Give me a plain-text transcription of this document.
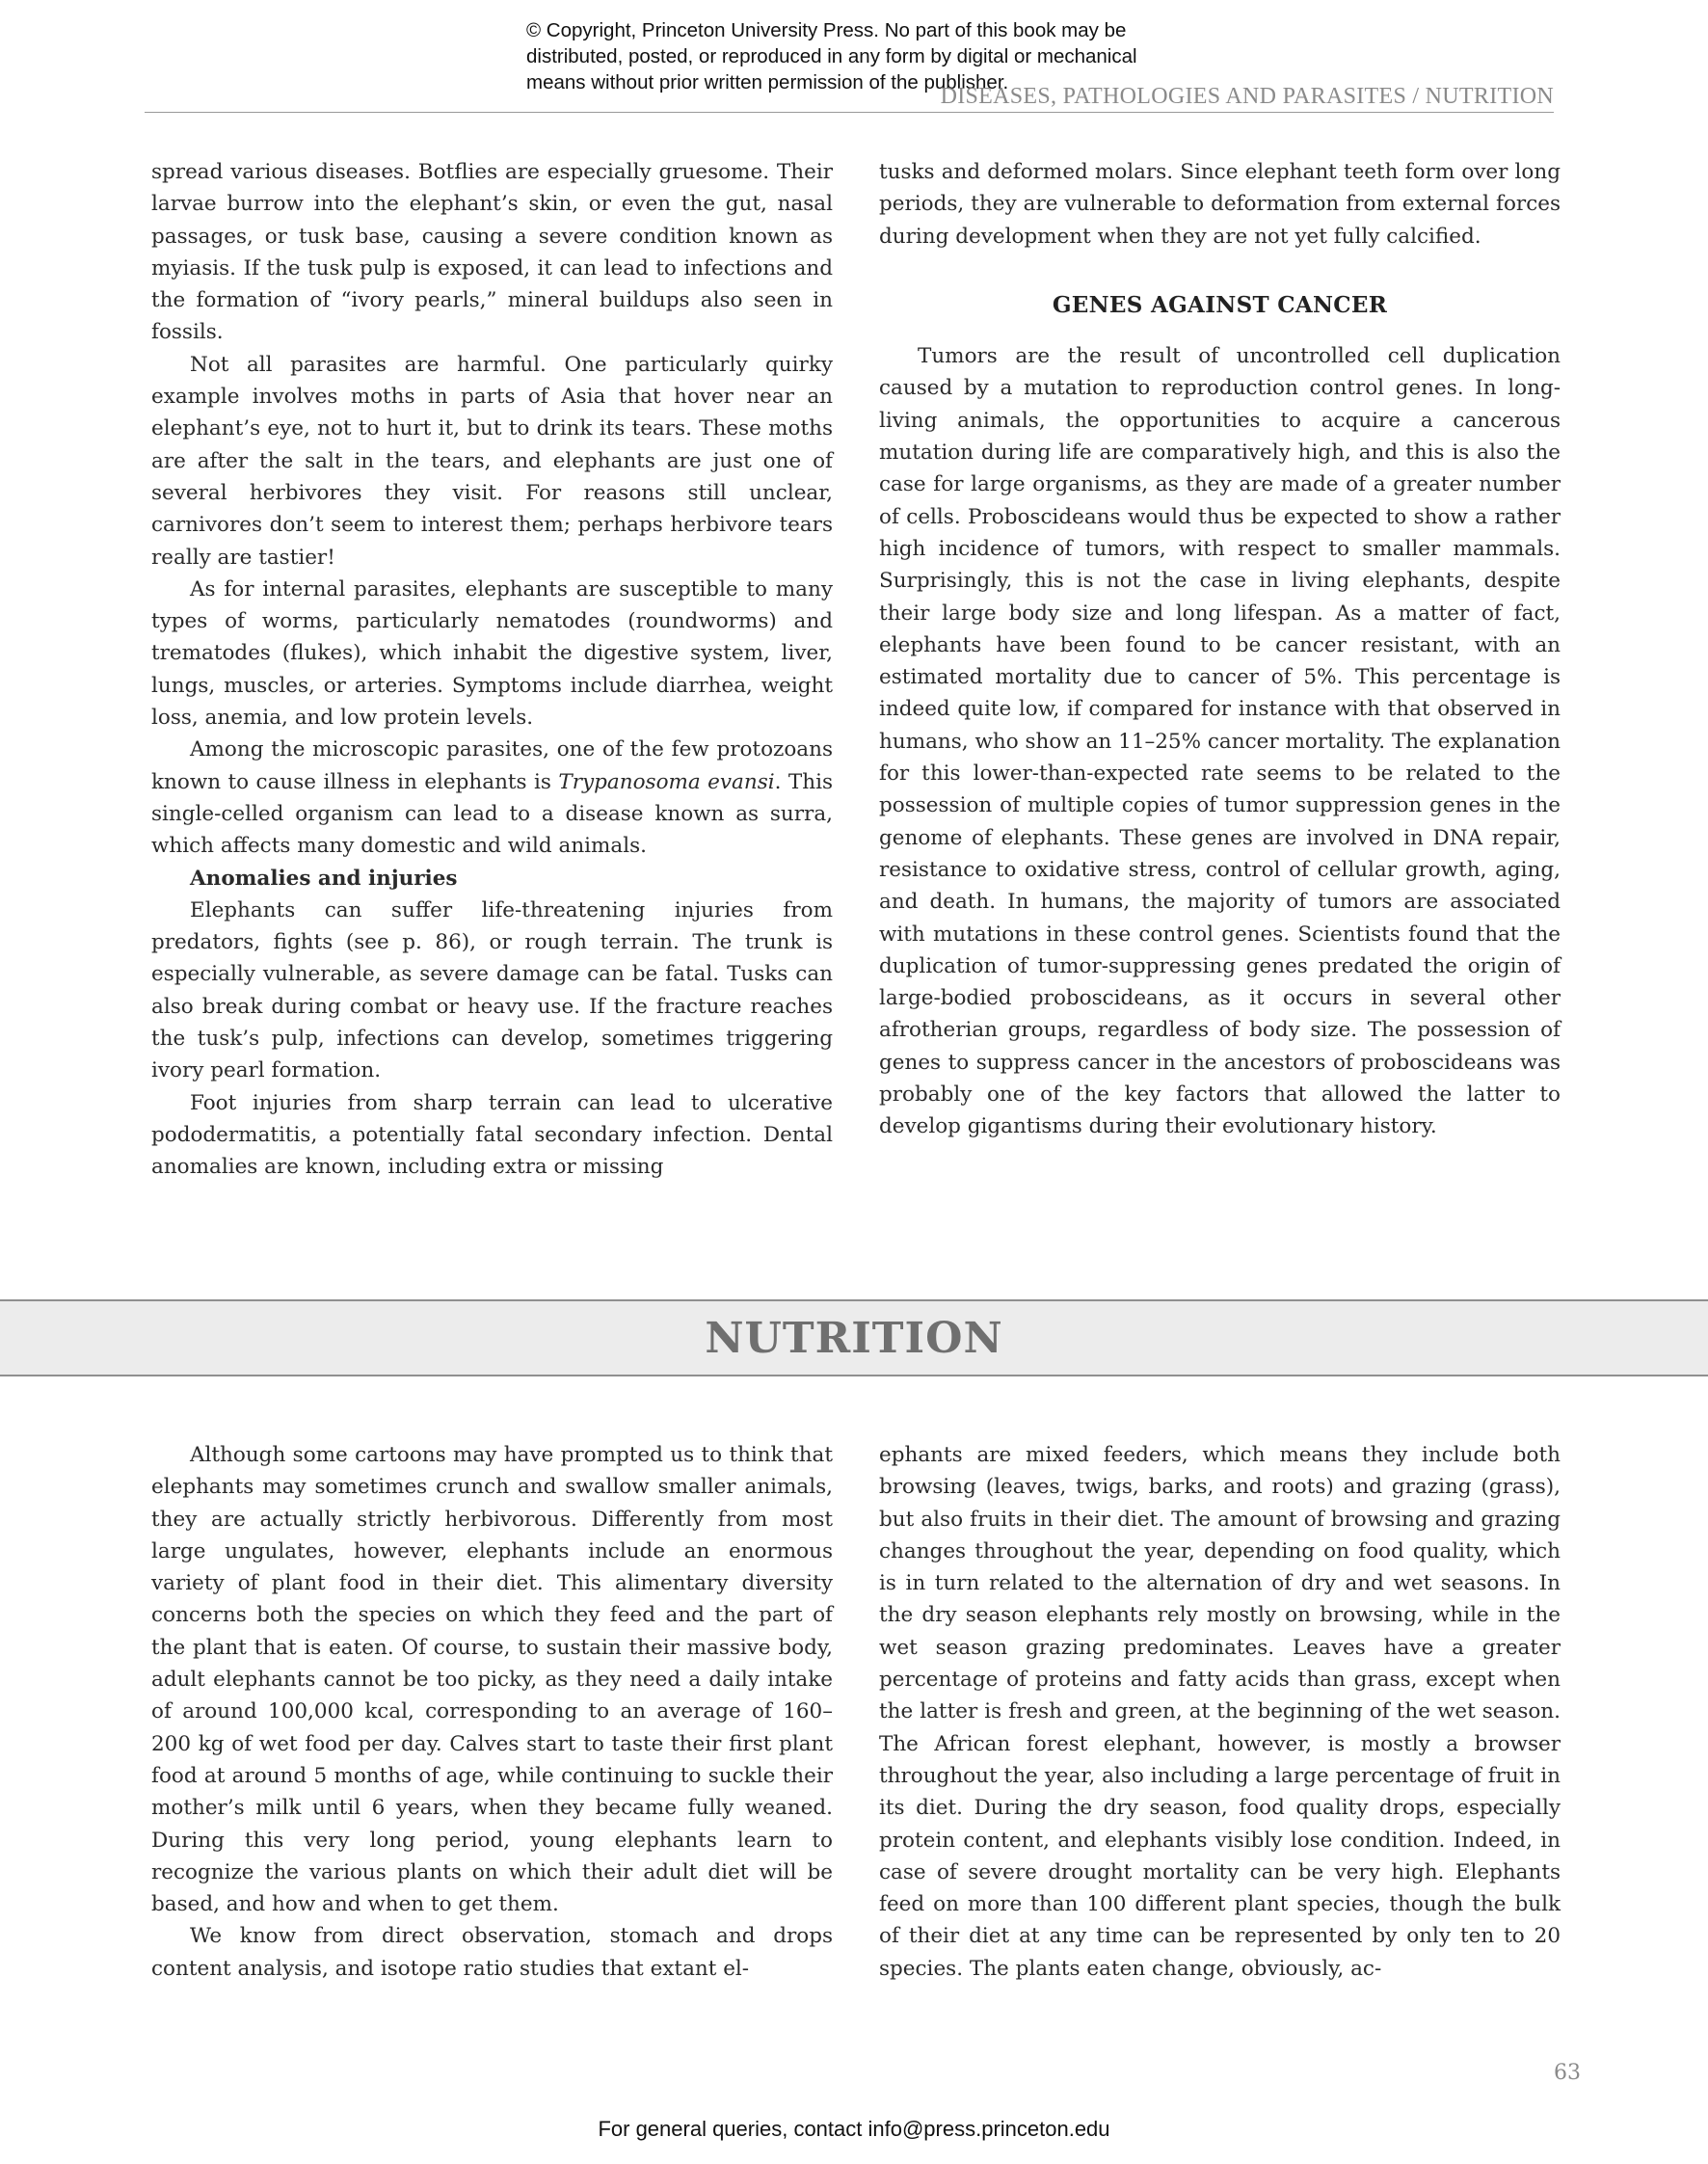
© Copyright, Princeton University Press. No part of this book may be
distributed, posted, or reproduced in any form by digital or mechanical
means without prior written permission of the publisher.
DISEASES, PATHOLOGIES AND PARASITES / NUTRITION

spread various diseases. Botflies are especially gruesome. Their larvae burrow into the elephant’s skin, or even the gut, nasal passages, or tusk base, causing a severe condition known as myiasis. If the tusk pulp is exposed, it can lead to infections and the formation of “ivory pearls,” mineral buildups also seen in fossils.

Not all parasites are harmful. One particularly quirky example involves moths in parts of Asia that hover near an elephant’s eye, not to hurt it, but to drink its tears. These moths are after the salt in the tears, and elephants are just one of several herbivores they visit. For reasons still unclear, carnivores don’t seem to interest them; perhaps herbivore tears really are tastier!

As for internal parasites, elephants are susceptible to many types of worms, particularly nematodes (roundworms) and trematodes (flukes), which inhabit the digestive system, liver, lungs, muscles, or arteries. Symptoms include diarrhea, weight loss, anemia, and low protein levels.

Among the microscopic parasites, one of the few protozoans known to cause illness in elephants is Trypanosoma evansi. This single-celled organism can lead to a disease known as surra, which affects many domestic and wild animals.

Anomalies and injuries

Elephants can suffer life-threatening injuries from predators, fights (see p. 86), or rough terrain. The trunk is especially vulnerable, as severe damage can be fatal. Tusks can also break during combat or heavy use. If the fracture reaches the tusk’s pulp, infections can develop, sometimes triggering ivory pearl formation.

Foot injuries from sharp terrain can lead to ulcerative pododermatitis, a potentially fatal secondary infection. Dental anomalies are known, including extra or missing

tusks and deformed molars. Since elephant teeth form over long periods, they are vulnerable to deformation from external forces during development when they are not yet fully calcified.

GENES AGAINST CANCER

Tumors are the result of uncontrolled cell duplication caused by a mutation to reproduction control genes. In long-living animals, the opportunities to acquire a cancerous mutation during life are comparatively high, and this is also the case for large organisms, as they are made of a greater number of cells. Proboscideans would thus be expected to show a rather high incidence of tumors, with respect to smaller mammals. Surprisingly, this is not the case in living elephants, despite their large body size and long lifespan. As a matter of fact, elephants have been found to be cancer resistant, with an estimated mortality due to cancer of 5%. This percentage is indeed quite low, if compared for instance with that observed in humans, who show an 11–25% cancer mortality. The explanation for this lower-than-expected rate seems to be related to the possession of multiple copies of tumor suppression genes in the genome of elephants. These genes are involved in DNA repair, resistance to oxidative stress, control of cellular growth, aging, and death. In humans, the majority of tumors are associated with mutations in these control genes. Scientists found that the duplication of tumor-suppressing genes predated the origin of large-bodied proboscideans, as it occurs in several other afrotherian groups, regardless of body size. The possession of genes to suppress cancer in the ancestors of proboscideans was probably one of the key factors that allowed the latter to develop gigantisms during their evolutionary history.

NUTRITION

Although some cartoons may have prompted us to think that elephants may sometimes crunch and swallow smaller animals, they are actually strictly herbivorous. Differently from most large ungulates, however, elephants include an enormous variety of plant food in their diet. This alimentary diversity concerns both the species on which they feed and the part of the plant that is eaten. Of course, to sustain their massive body, adult elephants cannot be too picky, as they need a daily intake of around 100,000 kcal, corresponding to an average of 160–200 kg of wet food per day. Calves start to taste their first plant food at around 5 months of age, while continuing to suckle their mother’s milk until 6 years, when they became fully weaned. During this very long period, young elephants learn to recognize the various plants on which their adult diet will be based, and how and when to get them.

We know from direct observation, stomach and drops content analysis, and isotope ratio studies that extant el-

ephants are mixed feeders, which means they include both browsing (leaves, twigs, barks, and roots) and grazing (grass), but also fruits in their diet. The amount of browsing and grazing changes throughout the year, depending on food quality, which is in turn related to the alternation of dry and wet seasons. In the dry season elephants rely mostly on browsing, while in the wet season grazing predominates. Leaves have a greater percentage of proteins and fatty acids than grass, except when the latter is fresh and green, at the beginning of the wet season. The African forest elephant, however, is mostly a browser throughout the year, also including a large percentage of fruit in its diet. During the dry season, food quality drops, especially protein content, and elephants visibly lose condition. Indeed, in case of severe drought mortality can be very high. Elephants feed on more than 100 different plant species, though the bulk of their diet at any time can be represented by only ten to 20 species. The plants eaten change, obviously, ac-

63
For general queries, contact info@press.princeton.edu
